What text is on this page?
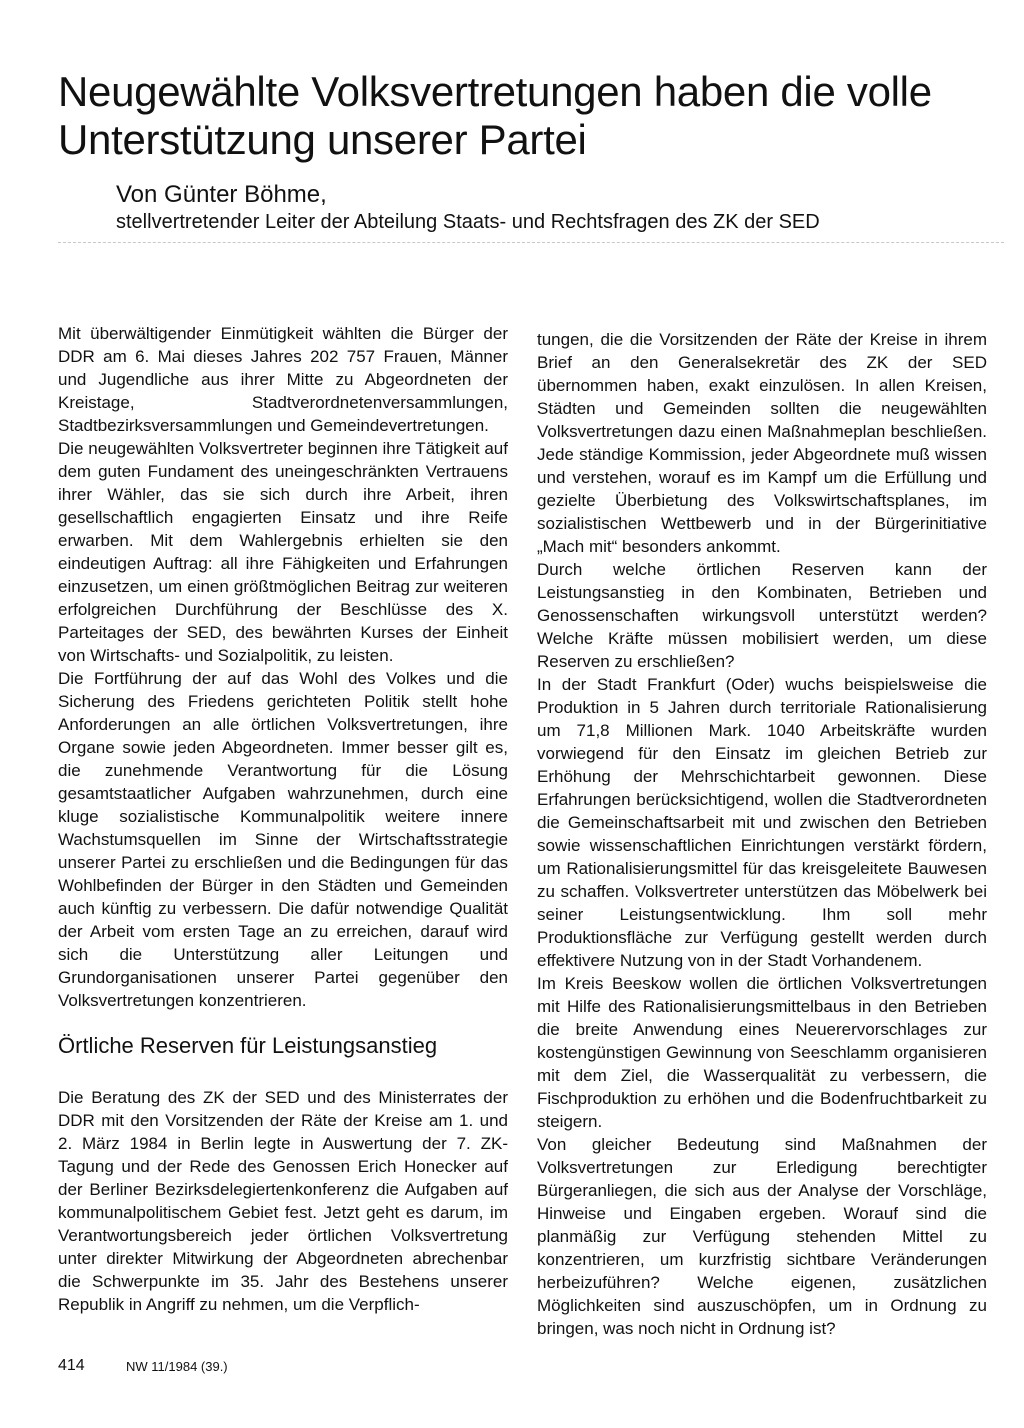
Neugewählte Volksvertretungen haben die volle Unterstützung unserer Partei

Von Günter Böhme,

stellvertretender Leiter der Abteilung Staats- und Rechtsfragen des ZK der SED

Mit überwältigender Einmütigkeit wählten die Bürger der DDR am 6. Mai dieses Jahres 202 757 Frauen, Männer und Jugendliche aus ihrer Mitte zu Abgeordneten der Kreistage, Stadtverordnetenversammlungen, Stadtbezirksversammlungen und Gemeindevertretungen.

Die neugewählten Volksvertreter beginnen ihre Tätigkeit auf dem guten Fundament des uneingeschränkten Vertrauens ihrer Wähler, das sie sich durch ihre Arbeit, ihren gesellschaftlich engagierten Einsatz und ihre Reife erwarben. Mit dem Wahlergebnis erhielten sie den eindeutigen Auftrag: all ihre Fähigkeiten und Erfahrungen einzusetzen, um einen größtmöglichen Beitrag zur weiteren erfolgreichen Durchführung der Beschlüsse des X. Parteitages der SED, des bewährten Kurses der Einheit von Wirtschafts- und Sozialpolitik, zu leisten.

Die Fortführung der auf das Wohl des Volkes und die Sicherung des Friedens gerichteten Politik stellt hohe Anforderungen an alle örtlichen Volksvertretungen, ihre Organe sowie jeden Abgeordneten. Immer besser gilt es, die zunehmende Verantwortung für die Lösung gesamtstaatlicher Aufgaben wahrzunehmen, durch eine kluge sozialistische Kommunalpolitik weitere innere Wachstumsquellen im Sinne der Wirtschaftsstrategie unserer Partei zu erschließen und die Bedingungen für das Wohlbefinden der Bürger in den Städten und Gemeinden auch künftig zu verbessern. Die dafür notwendige Qualität der Arbeit vom ersten Tage an zu erreichen, darauf wird sich die Unterstützung aller Leitungen und Grundorganisationen unserer Partei gegenüber den Volksvertretungen konzentrieren.

Örtliche Reserven für Leistungsanstieg

Die Beratung des ZK der SED und des Ministerrates der DDR mit den Vorsitzenden der Räte der Kreise am 1. und 2. März 1984 in Berlin legte in Auswertung der 7. ZK-Tagung und der Rede des Genossen Erich Honecker auf der Berliner Bezirksdelegiertenkonferenz die Aufgaben auf kommunalpolitischem Gebiet fest. Jetzt geht es darum, im Verantwortungsbereich jeder örtlichen Volksvertretung unter direkter Mitwirkung der Abgeordneten abrechenbar die Schwerpunkte im 35. Jahr des Bestehens unserer Republik in Angriff zu nehmen, um die Verpflich-

tungen, die die Vorsitzenden der Räte der Kreise in ihrem Brief an den Generalsekretär des ZK der SED übernommen haben, exakt einzulösen. In allen Kreisen, Städten und Gemeinden sollten die neugewählten Volksvertretungen dazu einen Maßnahmeplan beschließen. Jede ständige Kommission, jeder Abgeordnete muß wissen und verstehen, worauf es im Kampf um die Erfüllung und gezielte Überbietung des Volkswirtschaftsplanes, im sozialistischen Wettbewerb und in der Bürgerinitiative „Mach mit“ besonders ankommt.

Durch welche örtlichen Reserven kann der Leistungsanstieg in den Kombinaten, Betrieben und Genossenschaften wirkungsvoll unterstützt werden? Welche Kräfte müssen mobilisiert werden, um diese Reserven zu erschließen?

In der Stadt Frankfurt (Oder) wuchs beispielsweise die Produktion in 5 Jahren durch territoriale Rationalisierung um 71,8 Millionen Mark. 1040 Arbeitskräfte wurden vorwiegend für den Einsatz im gleichen Betrieb zur Erhöhung der Mehrschichtarbeit gewonnen. Diese Erfahrungen berücksichtigend, wollen die Stadtverordneten die Gemeinschaftsarbeit mit und zwischen den Betrieben sowie wissenschaftlichen Einrichtungen verstärkt fördern, um Rationalisierungsmittel für das kreisgeleitete Bauwesen zu schaffen. Volksvertreter unterstützen das Möbelwerk bei seiner Leistungsentwicklung. Ihm soll mehr Produktionsfläche zur Verfügung gestellt werden durch effektivere Nutzung von in der Stadt Vorhandenem.

Im Kreis Beeskow wollen die örtlichen Volksvertretungen mit Hilfe des Rationalisierungsmittelbaus in den Betrieben die breite Anwendung eines Neuerervorschlages zur kostengünstigen Gewinnung von Seeschlamm organisieren mit dem Ziel, die Wasserqualität zu verbessern, die Fischproduktion zu erhöhen und die Bodenfruchtbarkeit zu steigern.

Von gleicher Bedeutung sind Maßnahmen der Volksvertretungen zur Erledigung berechtigter Bürgeranliegen, die sich aus der Analyse der Vorschläge, Hinweise und Eingaben ergeben. Worauf sind die planmäßig zur Verfügung stehenden Mittel zu konzentrieren, um kurzfristig sichtbare Veränderungen herbeizuführen? Welche eigenen, zusätzlichen Möglichkeiten sind auszuschöpfen, um in Ordnung zu bringen, was noch nicht in Ordnung ist?

414	NW 11/1984 (39.)
